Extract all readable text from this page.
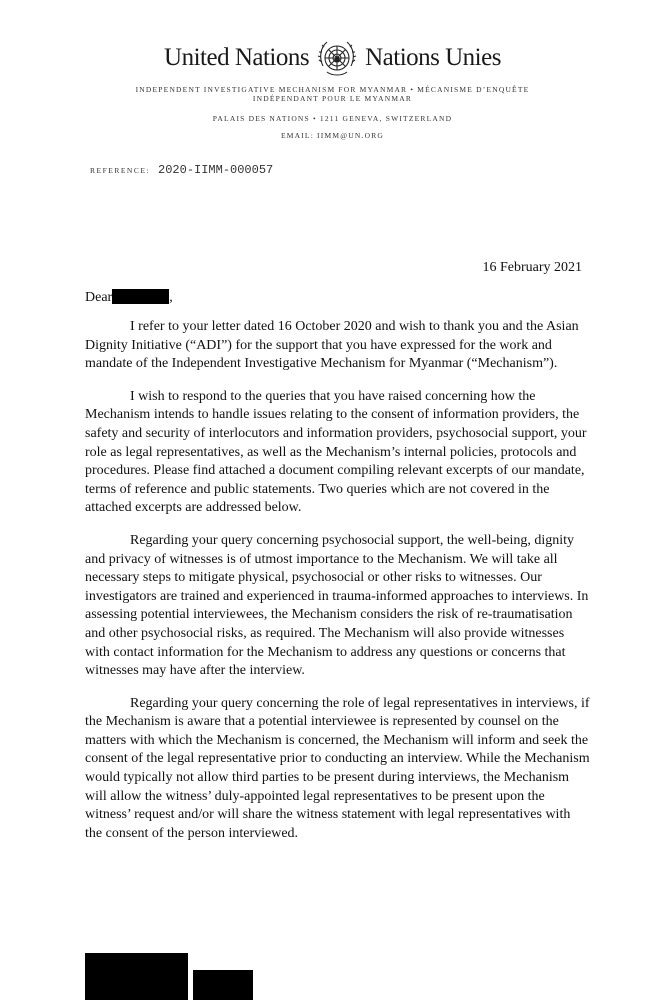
United Nations Nations Unies
INDEPENDENT INVESTIGATIVE MECHANISM FOR MYANMAR • MÉCANISME D’ENQUÊTE
INDÉPENDANT POUR LE MYANMAR
PALAIS DES NATIONS • 1211 GENEVA, SWITZERLAND
EMAIL: IIMM@UN.ORG
REFERENCE: 2020-IIMM-000057
16 February 2021
Dear	,

I refer to your letter dated 16 October 2020 and wish to thank you and the Asian Dignity Initiative (“ADI”) for the support that you have expressed for the work and mandate of the Independent Investigative Mechanism for Myanmar (“Mechanism”).

I wish to respond to the queries that you have raised concerning how the Mechanism intends to handle issues relating to the consent of information providers, the safety and security of interlocutors and information providers, psychosocial support, your role as legal representatives, as well as the Mechanism’s internal policies, protocols and procedures. Please find attached a document compiling relevant excerpts of our mandate, terms of reference and public statements. Two queries which are not covered in the attached excerpts are addressed below.

Regarding your query concerning psychosocial support, the well-being, dignity and privacy of witnesses is of utmost importance to the Mechanism. We will take all necessary steps to mitigate physical, psychosocial or other risks to witnesses. Our investigators are trained and experienced in trauma-informed approaches to interviews. In assessing potential interviewees, the Mechanism considers the risk of re-traumatisation and other psychosocial risks, as required. The Mechanism will also provide witnesses with contact information for the Mechanism to address any questions or concerns that witnesses may have after the interview.

Regarding your query concerning the role of legal representatives in interviews, if the Mechanism is aware that a potential interviewee is represented by counsel on the matters with which the Mechanism is concerned, the Mechanism will inform and seek the consent of the legal representative prior to conducting an interview. While the Mechanism would typically not allow third parties to be present during interviews, the Mechanism will allow the witness’ duly-appointed legal representatives to be present upon the witness’ request and/or will share the witness statement with legal representatives with the consent of the person interviewed.
